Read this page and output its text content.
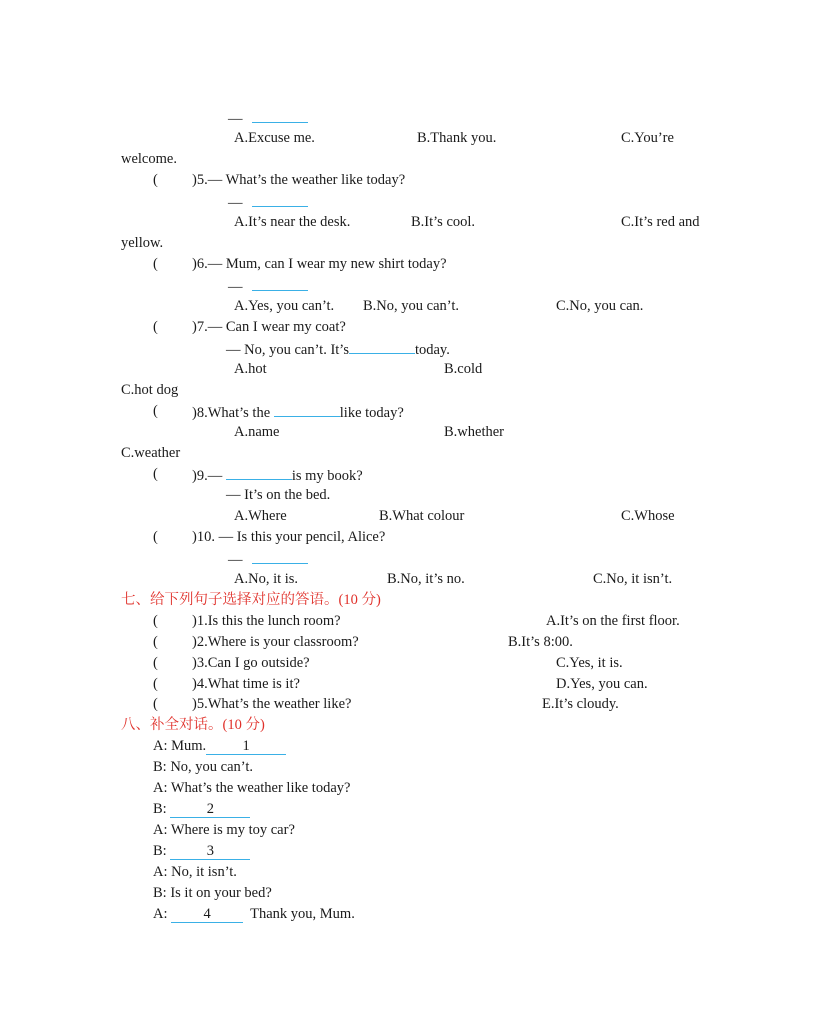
—
A.Excuse me.	B.Thank you.	C.You’re
welcome.
( )5.— What’s the weather like today?
—
A.It’s near the desk.	B.It’s cool.	C.It’s red and
yellow.
( )6.— Mum, can I wear my new shirt today?
—
A.Yes, you can’t. B.No, you can’t.	C.No, you can.
( )7.— Can I wear my coat?
— No, you can’t. It’s	today.
A.hot	B.cold
C.hot dog
( )8.What’s the	like today?
A.name	B.whether
C.weather
( )9.—	is my book?
— It’s on the bed.
A.Where	B.What colour	C.Whose
( )10. — Is this your pencil, Alice?
—
A.No, it is.	B.No, it’s no.	C.No, it isn’t.
七、给下列句子选择对应的答语。(10 分)
(	)1.Is this the lunch room?	A.It’s on the first floor.
(	)2.Where is your classroom?	B.It’s 8:00.
(	)3.Can I go outside?	C.Yes, it is.
(	)4.What time is it?	D.Yes, you can.
(	)5.What’s the weather like?	E.It’s cloudy.
八、补全对话。(10 分)
A: Mum.	1
B: No, you can’t.
A: What’s the weather like today?
B:	2
A: Where is my toy car?
B:	3
A: No, it isn’t.
B: Is it on your bed?
A: 4	Thank you, Mum.
